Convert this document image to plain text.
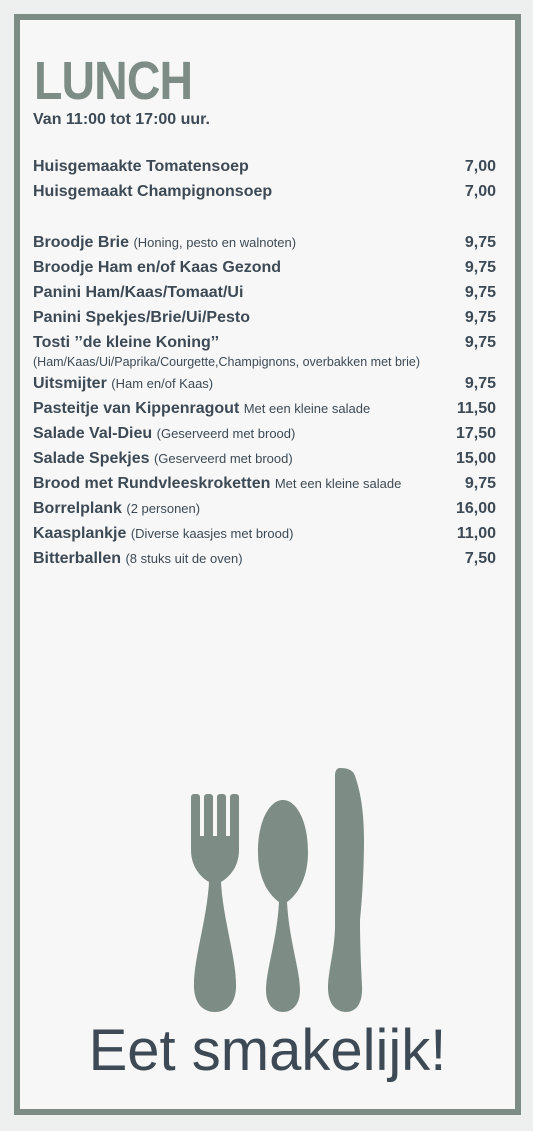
LUNCH
Van 11:00 tot 17:00 uur.
Huisgemaakte Tomatensoep	7,00
Huisgemaakt Champignonsoep	7,00
Broodje Brie (Honing, pesto en walnoten)	9,75
Broodje Ham en/of Kaas Gezond	9,75
Panini Ham/Kaas/Tomaat/Ui	9,75
Panini Spekjes/Brie/Ui/Pesto	9,75
Tosti ’’de kleine Koning’’	9,75
(Ham/Kaas/Ui/Paprika/Courgette,Champignons, overbakken met brie)
Uitsmijter (Ham en/of Kaas)	9,75
Pasteitje van Kippenragout Met een kleine salade	11,50
Salade Val-Dieu (Geserveerd met brood)	17,50
Salade Spekjes (Geserveerd met brood)	15,00
Brood met Rundvleeskroketten Met een kleine salade	9,75
Borrelplank (2 personen)	16,00
Kaasplankje (Diverse kaasjes met brood)	11,00
Bitterballen (8 stuks uit de oven)	7,50
Eet smakelijk!
